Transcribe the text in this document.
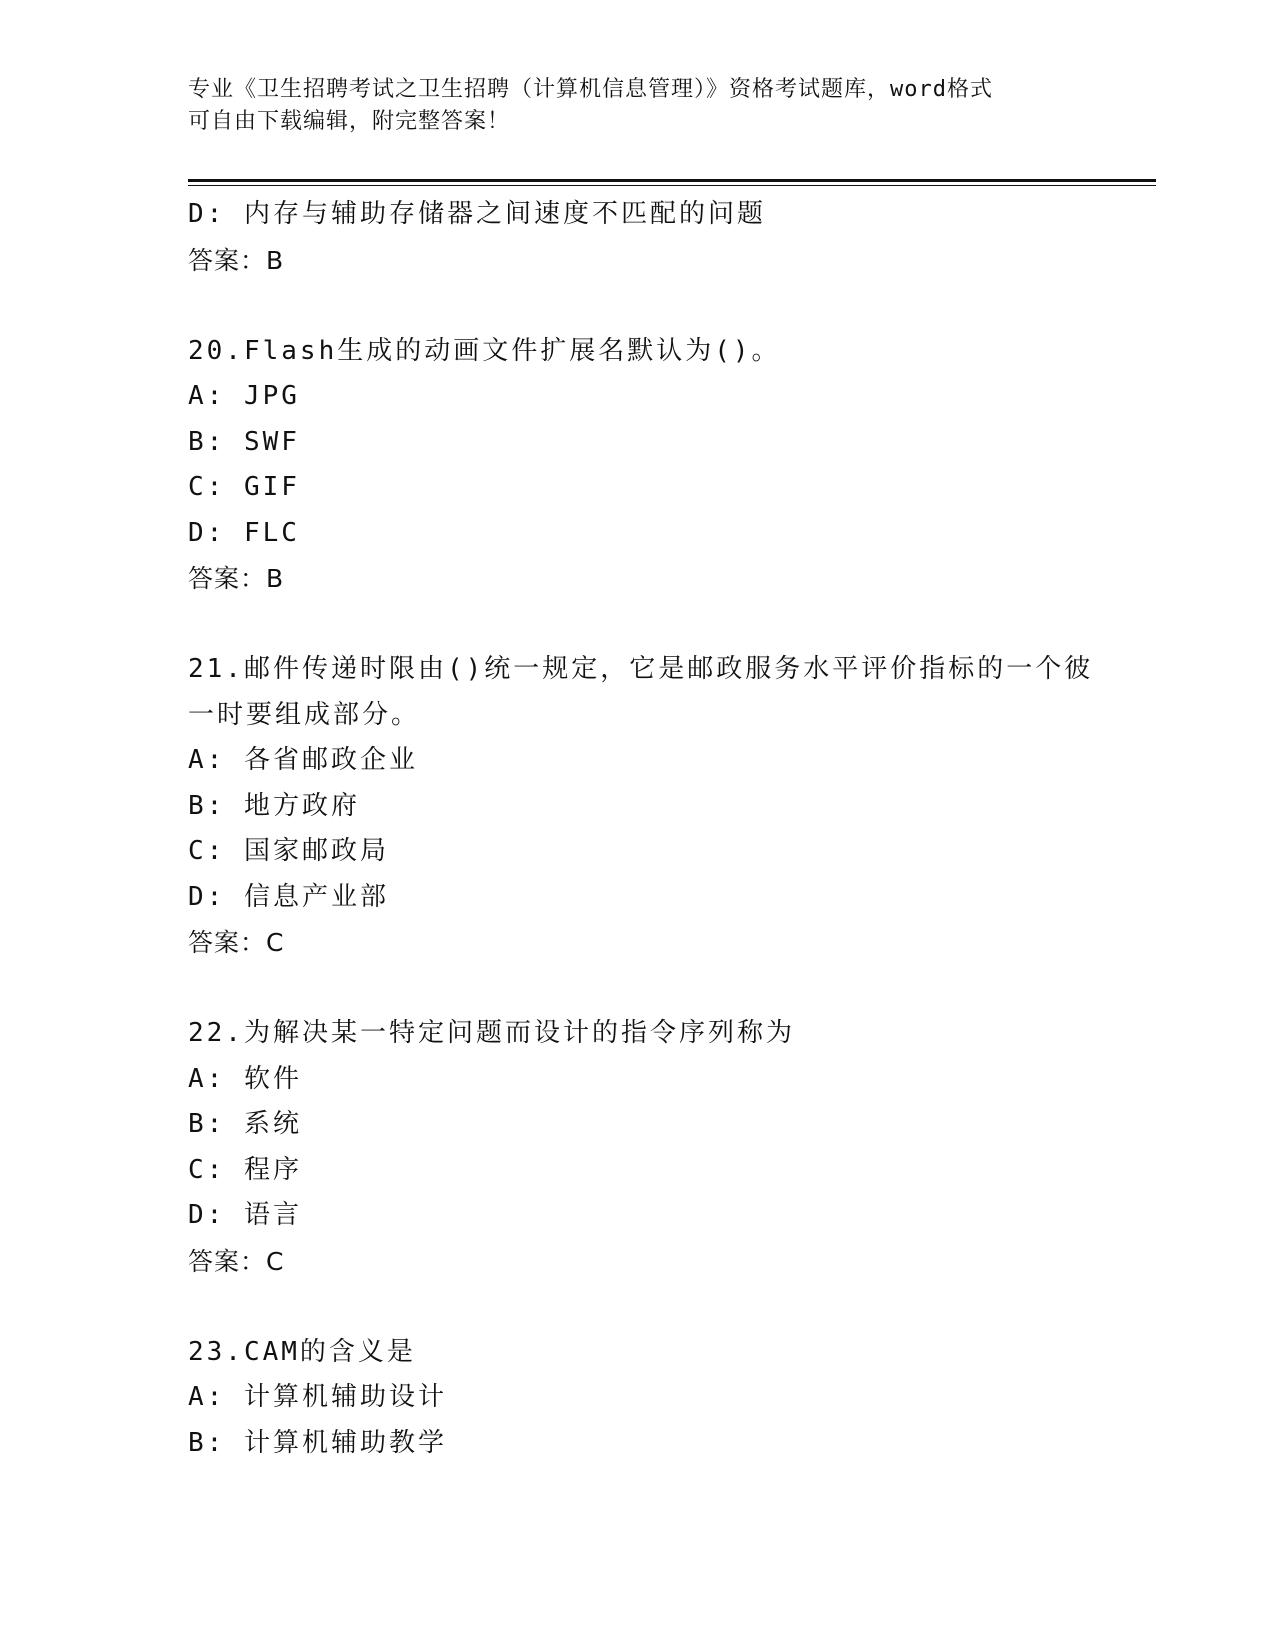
专业《卫生招聘考试之卫生招聘（计算机信息管理）》资格考试题库，word格式
可自由下载编辑，附完整答案！
D: 内存与辅助存储器之间速度不匹配的问题
答案：B
20.Flash生成的动画文件扩展名默认为()。
A: JPG
B: SWF
C: GIF
D: FLC
答案：B
21.邮件传递时限由()统一规定，它是邮政服务水平评价指标的一个彼
一时要组成部分。
A: 各省邮政企业
B: 地方政府
C: 国家邮政局
D: 信息产业部
答案：C
22.为解决某一特定问题而设计的指令序列称为
A: 软件
B: 系统
C: 程序
D: 语言
答案：C
23.CAM的含义是
A: 计算机辅助设计
B: 计算机辅助教学
